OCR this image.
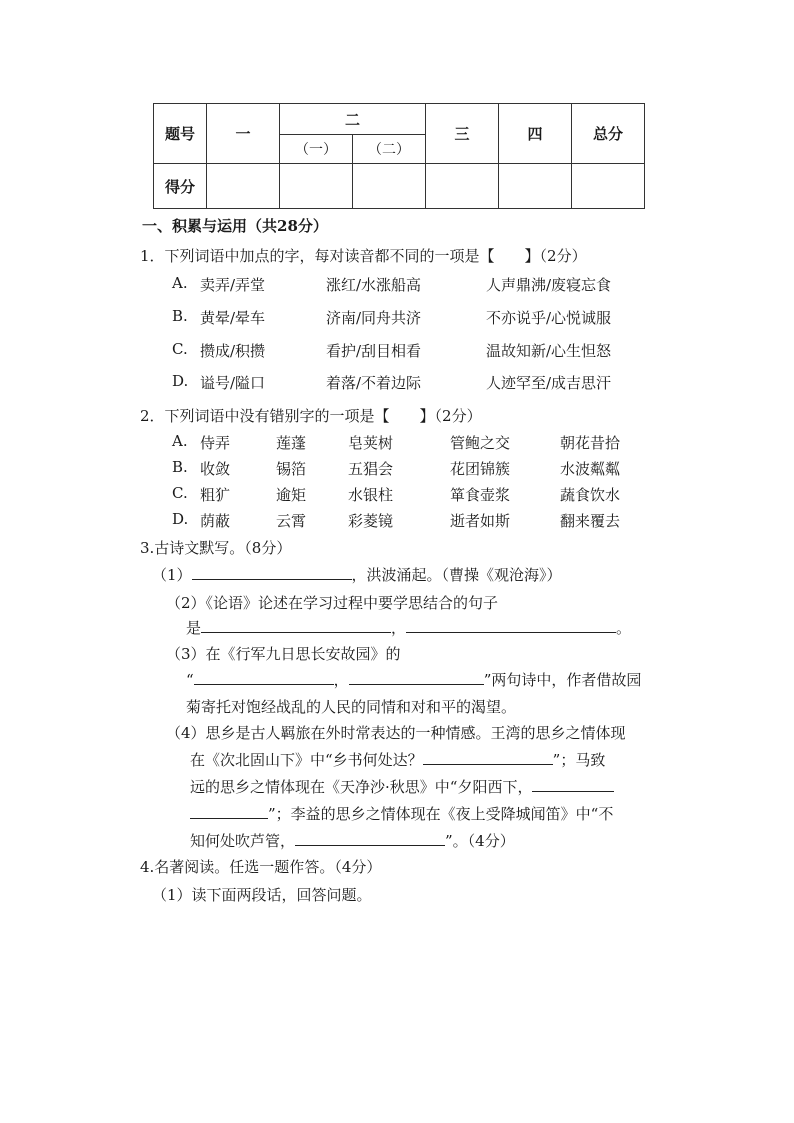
题号	一	二		三	四	总分
		（一）	（二）			
得分						
一、积累与运用（共28分）
1．下列词语中加点的字，每对读音都不同的一项是【　　】（2分）
A. 卖弄/弄堂	涨红/水涨船高	人声鼎沸/废寝忘食
B. 黄晕/晕车	济南/同舟共济	不亦说乎/心悦诚服
C. 攒成/积攒	看护/刮目相看	温故知新/心生怛怒
D. 谥号/隘口	着落/不着边际	人迹罕至/成吉思汗
2．下列词语中没有错别字的一项是【　　】（2分）
A. 侍弄	莲蓬	皂荚树	管鲍之交	朝花昔拾
B. 收敛	锡箔	五猖会	花团锦簇	水波粼粼
C. 粗犷	逾矩	水银柱	箪食壶浆	蔬食饮水
D. 荫蔽	云霄	彩菱镜	逝者如斯	翻来覆去
3.古诗文默写。（8分）
（1）	，洪波涌起。（曹操《观沧海》）
（2）《论语》论述在学习过程中要学思结合的句子
是	，	。
（3）在《行军九日思长安故园》的
“	，	”两句诗中，作者借故园
菊寄托对饱经战乱的人民的同情和对和平的渴望。
（4）思乡是古人羁旅在外时常表达的一种情感。王湾的思乡之情体现
在《次北固山下》中“乡书何处达？	”；马致
远的思乡之情体现在《天净沙·秋思》中“夕阳西下，
”；李益的思乡之情体现在《夜上受降城闻笛》中“不
知何处吹芦管，	”。（4分）
4.名著阅读。任选一题作答。（4分）
（1）读下面两段话，回答问题。
